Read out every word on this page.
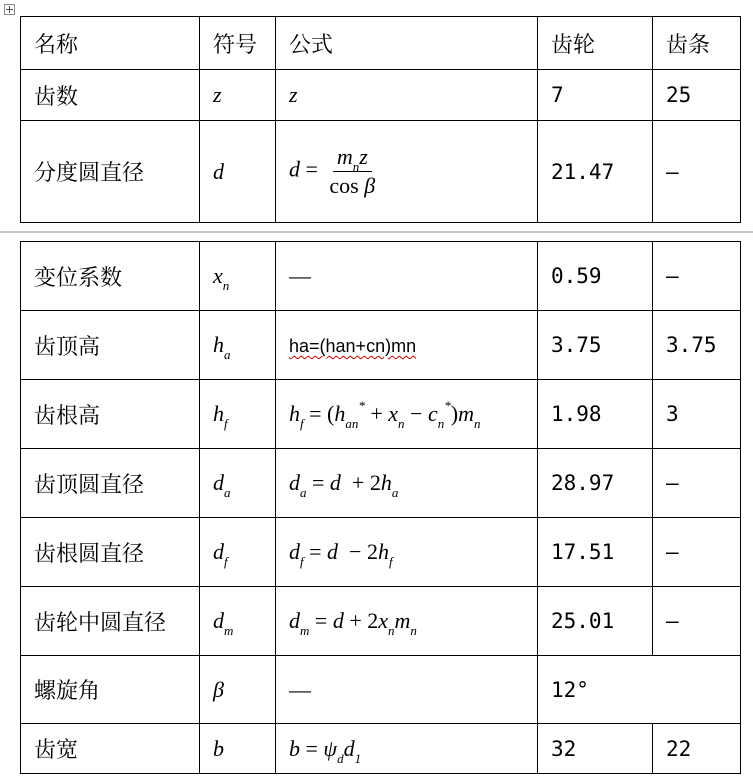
名称	符号	公式	齿轮	齿条
齿数	z	z	7	25
分度圆直径	d	$d = \frac{m_nz}{\text{cos β}}$	21.47	—
变位系数	$x_n$	—	0.59	—
齿顶高	$h_a$	ha=(han+cn)mn	3.75	3.75
齿根高	$h_f$	$h_f = (h_{an}^* + x_n - c_n^*)m_n$	1.98	3
齿顶圆直径	$d_a$	$d_a = d + 2h_a$	28.97	—
齿根圆直径	$d_f$	$d_f = d - 2h_f$	17.51	—
齿轮中圆直径	$d_m$	$d_m = d + 2x_nm_n$	25.01	—
螺旋角	β	—	12°	
齿宽	b	$b = \psi_dd_1$	32	22
